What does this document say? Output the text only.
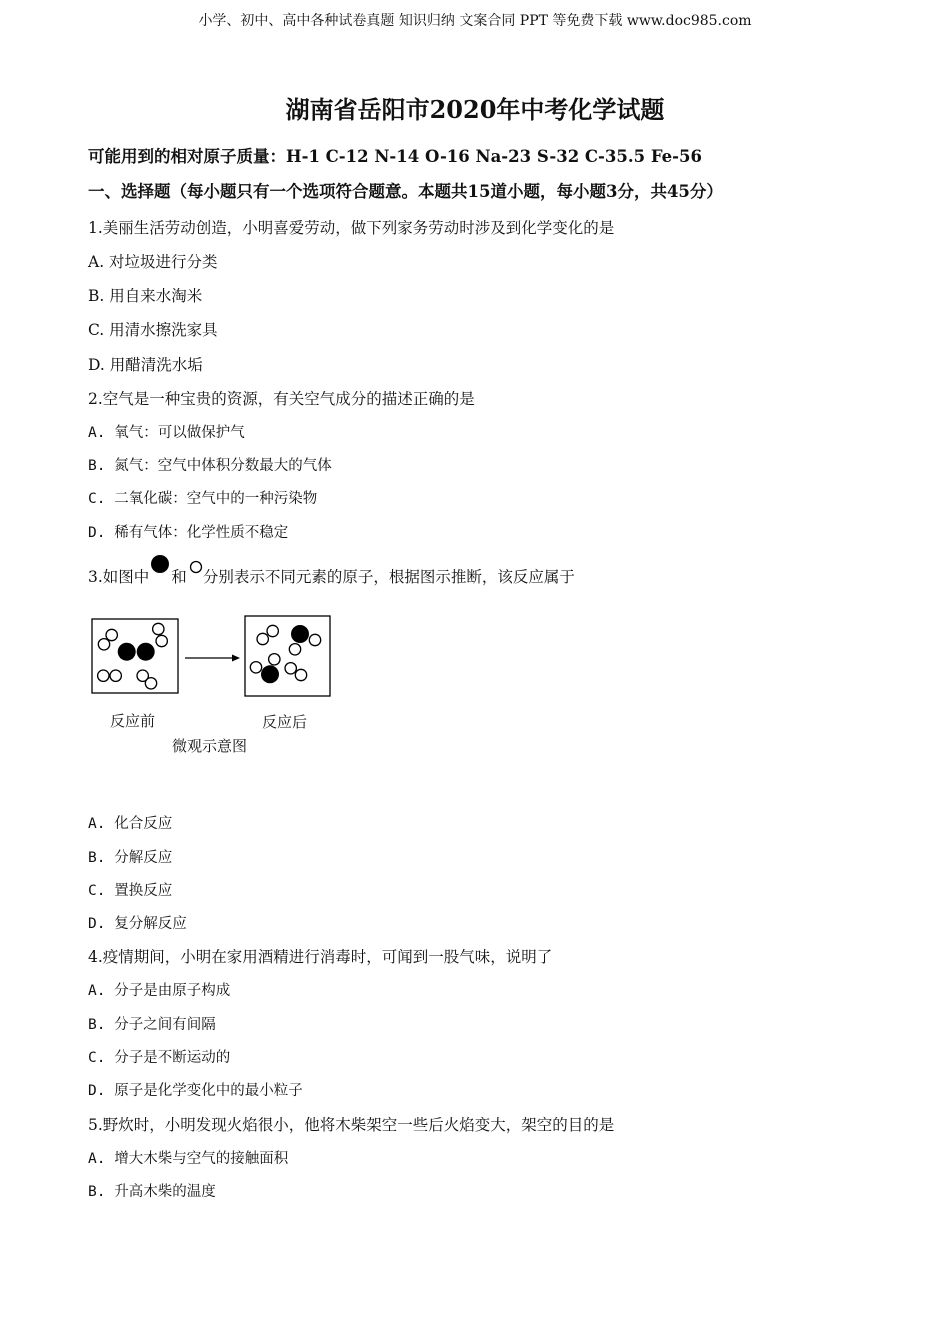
小学、初中、高中各种试卷真题 知识归纳 文案合同 PPT 等免费下载 www.doc985.com
湖南省岳阳市2020年中考化学试题
可能用到的相对原子质量：H-1 C-12 N-14 O-16 Na-23 S-32 C-35.5 Fe-56
一、选择题（每小题只有一个选项符合题意。本题共15道小题，每小题3分，共45分）
1.美丽生活劳动创造，小明喜爱劳动，做下列家务劳动时涉及到化学变化的是
A. 对垃圾进行分类
B. 用自来水淘米
C. 用清水擦洗家具
D. 用醋清洗水垢
2.空气是一种宝贵的资源，有关空气成分的描述正确的是
A. 氧气：可以做保护气
B. 氮气：空气中体积分数最大的气体
C. 二氧化碳：空气中的一种污染物
D. 稀有气体：化学性质不稳定
3.如图中 和 分别表示不同元素的原子，根据图示推断，该反应属于
反应前	反应后
微观示意图
A. 化合反应
B. 分解反应
C. 置换反应
D. 复分解反应
4.疫情期间，小明在家用酒精进行消毒时，可闻到一股气味，说明了
A. 分子是由原子构成
B. 分子之间有间隔
C. 分子是不断运动的
D. 原子是化学变化中的最小粒子
5.野炊时，小明发现火焰很小，他将木柴架空一些后火焰变大，架空的目的是
A. 增大木柴与空气的接触面积
B. 升高木柴的温度
